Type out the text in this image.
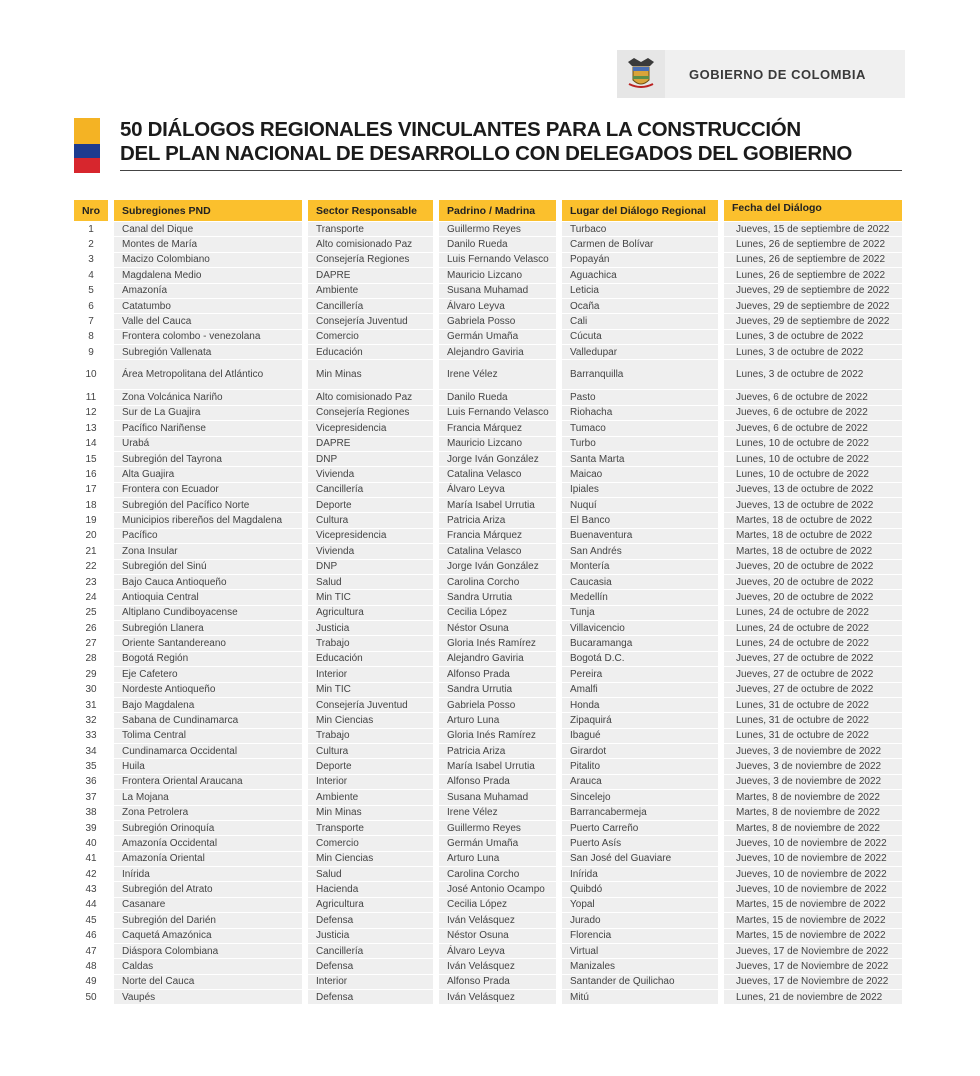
GOBIERNO DE COLOMBIA
50 DIÁLOGOS REGIONALES VINCULANTES PARA LA CONSTRUCCIÓN
DEL PLAN NACIONAL DE DESARROLLO CON DELEGADOS DEL GOBIERNO
Nro	Subregiones PND	Sector Responsable	Padrino / Madrina	Lugar del Diálogo Regional	Fecha del Diálogo
1	Canal del Dique	Transporte	Guillermo Reyes	Turbaco	Jueves, 15 de septiembre de 2022
2	Montes de María	Alto comisionado Paz	Danilo Rueda	Carmen de Bolívar	Lunes, 26 de septiembre de 2022
3	Macizo Colombiano	Consejería Regiones	Luis Fernando Velasco	Popayán	Lunes, 26 de septiembre de 2022
4	Magdalena Medio	DAPRE	Mauricio Lizcano	Aguachica	Lunes, 26 de septiembre de 2022
5	Amazonía	Ambiente	Susana Muhamad	Leticia	Jueves, 29 de septiembre de 2022
6	Catatumbo	Cancillería	Álvaro Leyva	Ocaña	Jueves, 29 de septiembre de 2022
7	Valle del Cauca	Consejería Juventud	Gabriela Posso	Cali	Jueves, 29 de septiembre de 2022
8	Frontera colombo - venezolana	Comercio	Germán Umaña	Cúcuta	Lunes, 3 de octubre de 2022
9	Subregión Vallenata	Educación	Alejandro Gaviria	Valledupar	Lunes, 3 de octubre de 2022
10	Área Metropolitana del Atlántico	Min Minas	Irene Vélez	Barranquilla	Lunes, 3 de octubre de 2022
11	Zona Volcánica Nariño	Alto comisionado Paz	Danilo Rueda	Pasto	Jueves, 6 de octubre de 2022
12	Sur de La Guajira	Consejería Regiones	Luis Fernando Velasco	Riohacha	Jueves, 6 de octubre de 2022
13	Pacífico Nariñense	Vicepresidencia	Francia Márquez	Tumaco	Jueves, 6 de octubre de 2022
14	Urabá	DAPRE	Mauricio Lizcano	Turbo	Lunes, 10 de octubre de 2022
15	Subregión del Tayrona	DNP	Jorge Iván González	Santa Marta	Lunes, 10 de octubre de 2022
16	Alta Guajira	Vivienda	Catalina Velasco	Maicao	Lunes, 10 de octubre de 2022
17	Frontera con Ecuador	Cancillería	Álvaro Leyva	Ipiales	Jueves, 13 de octubre de 2022
18	Subregión del Pacífico Norte	Deporte	María Isabel Urrutia	Nuquí	Jueves, 13 de octubre de 2022
19	Municipios ribereños del Magdalena	Cultura	Patricia Ariza	El Banco	Martes, 18 de octubre de 2022
20	Pacífico	Vicepresidencia	Francia Márquez	Buenaventura	Martes, 18 de octubre de 2022
21	Zona Insular	Vivienda	Catalina Velasco	San Andrés	Martes, 18 de octubre de 2022
22	Subregión del Sinú	DNP	Jorge Iván González	Montería	Jueves, 20 de octubre de 2022
23	Bajo Cauca Antioqueño	Salud	Carolina Corcho	Caucasia	Jueves, 20 de octubre de 2022
24	Antioquia Central	Min TIC	Sandra Urrutia	Medellín	Jueves, 20 de octubre de 2022
25	Altiplano Cundiboyacense	Agricultura	Cecilia López	Tunja	Lunes, 24 de octubre de 2022
26	Subregión Llanera	Justicia	Néstor Osuna	Villavicencio	Lunes, 24 de octubre de 2022
27	Oriente Santandereano	Trabajo	Gloria Inés Ramírez	Bucaramanga	Lunes, 24 de octubre de 2022
28	Bogotá Región	Educación	Alejandro Gaviria	Bogotá D.C.	Jueves, 27 de octubre de 2022
29	Eje Cafetero	Interior	Alfonso Prada	Pereira	Jueves, 27 de octubre de 2022
30	Nordeste Antioqueño	Min TIC	Sandra Urrutia	Amalfi	Jueves, 27 de octubre de 2022
31	Bajo Magdalena	Consejería Juventud	Gabriela Posso	Honda	Lunes, 31 de octubre de 2022
32	Sabana de Cundinamarca	Min Ciencias	Arturo Luna	Zipaquirá	Lunes, 31 de octubre de 2022
33	Tolima Central	Trabajo	Gloria Inés Ramírez	Ibagué	Lunes, 31 de octubre de 2022
34	Cundinamarca Occidental	Cultura	Patricia Ariza	Girardot	Jueves, 3 de noviembre de 2022
35	Huila	Deporte	María Isabel Urrutia	Pitalito	Jueves, 3 de noviembre de 2022
36	Frontera Oriental Araucana	Interior	Alfonso Prada	Arauca	Jueves, 3 de noviembre de 2022
37	La Mojana	Ambiente	Susana Muhamad	Sincelejo	Martes, 8 de noviembre de 2022
38	Zona Petrolera	Min Minas	Irene Vélez	Barrancabermeja	Martes, 8 de noviembre de 2022
39	Subregión Orinoquía	Transporte	Guillermo Reyes	Puerto Carreño	Martes, 8 de noviembre de 2022
40	Amazonía Occidental	Comercio	Germán Umaña	Puerto Asís	Jueves, 10 de noviembre de 2022
41	Amazonía Oriental	Min Ciencias	Arturo Luna	San José del Guaviare	Jueves, 10 de noviembre de 2022
42	Inírida	Salud	Carolina Corcho	Inírida	Jueves, 10 de noviembre de 2022
43	Subregión del Atrato	Hacienda	José Antonio Ocampo	Quibdó	Jueves, 10 de noviembre de 2022
44	Casanare	Agricultura	Cecilia López	Yopal	Martes, 15 de noviembre de 2022
45	Subregión del Darién	Defensa	Iván Velásquez	Jurado	Martes, 15 de noviembre de 2022
46	Caquetá Amazónica	Justicia	Néstor Osuna	Florencia	Martes, 15 de noviembre de 2022
47	Diáspora Colombiana	Cancillería	Álvaro Leyva	Virtual	Jueves, 17 de Noviembre de 2022
48	Caldas	Defensa	Iván Velásquez	Manizales	Jueves, 17 de Noviembre de 2022
49	Norte del Cauca	Interior	Alfonso Prada	Santander de Quilichao	Jueves, 17 de Noviembre de 2022
50	Vaupés	Defensa	Iván Velásquez	Mitú	Lunes, 21 de noviembre de 2022
